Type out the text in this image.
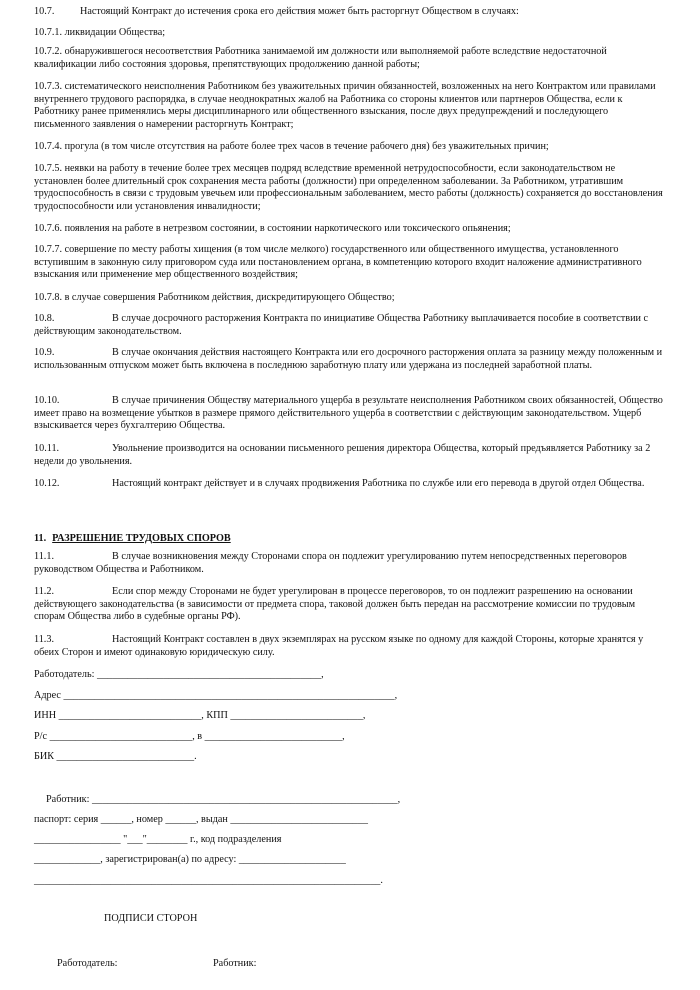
10.7.	Настоящий Контракт до истечения срока его действия может быть расторгнут Обществом в случаях:

10.7.1. ликвидации Общества;

10.7.2. обнаружившегося несоответствия Работника занимаемой им должности или выполняемой работе вследствие недостаточной квалификации либо состояния здоровья, препятствующих продолжению данной работы;

10.7.3. систематического неисполнения Работником без уважительных причин обязанностей, возложенных на него Контрактом или правилами внутреннего трудового распорядка, в случае неоднократных жалоб на Работника со стороны клиентов или партнеров Общества, если к Работнику ранее применялись меры дисциплинарного или общественного взыскания, после двух предупреждений и последующего письменного заявления о намерении расторгнуть Контракт;

10.7.4. прогула (в том числе отсутствия на работе более трех часов в течение рабочего дня) без уважительных причин;

10.7.5. неявки на работу в течение более трех месяцев подряд вследствие временной нетрудоспособности, если законодательством не установлен более длительный срок сохранения места работы (должности) при определенном заболевании. За Работником, утратившим трудоспособность в связи с трудовым увечьем или профессиональным заболеванием, место работы (должность) сохраняется до восстановления трудоспособности или установления инвалидности;

10.7.6. появления на работе в нетрезвом состоянии, в состоянии наркотического или токсического опьянения;

10.7.7. совершение по месту работы хищения (в том числе мелкого) государственного или общественного имущества, установленного вступившим в законную силу приговором суда или постановлением органа, в компетенцию которого входит наложение административного взыскания или применение мер общественного воздействия;

10.7.8. в случае совершения Работником действия, дискредитирующего Общество;

10.8.	В случае досрочного расторжения Контракта по инициативе Общества Работнику выплачивается пособие в соответствии с действующим законодательством.

10.9.	В случае окончания действия настоящего Контракта или его досрочного расторжения оплата за разницу между положенным и использованным отпуском может быть включена в последнюю заработную плату или удержана из последней заработной платы.

10.10.	В случае причинения Обществу материального ущерба в результате неисполнения Работником своих обязанностей, Общество имеет право на возмещение убытков в размере прямого действительного ущерба в соответствии с действующим законодательством. Ущерб взыскивается через бухгалтерию Общества.

10.11.	Увольнение производится на основании письменного решения директора Общества, который предъявляется Работнику за 2 недели до увольнения.

10.12.	Настоящий контракт действует и в случаях продвижения Работника по службе или его перевода в другой отдел Общества.

11. РАЗРЕШЕНИЕ ТРУДОВЫХ СПОРОВ

11.1.	В случае возникновения между Сторонами спора он подлежит урегулированию путем непосредственных переговоров руководством Общества и Работником.

11.2.	Если спор между Сторонами не будет урегулирован в процессе переговоров, то он подлежит разрешению на основании действующего законодательства (в зависимости от предмета спора, таковой должен быть передан на рассмотрение комиссии по трудовым спорам Общества либо в судебные органы РФ).

11.3.	Настоящий Контракт составлен в двух экземплярах на русском языке по одному для каждой Стороны, которые хранятся у обеих Сторон и имеют одинаковую юридическую силу.

Работодатель: ____________________________________________,
Адрес _________________________________________________________________,
ИНН ____________________________, КПП __________________________,
Р/с ____________________________, в ___________________________,
БИК ___________________________.
Работник: ____________________________________________________________,
паспорт: серия ______, номер ______, выдан ___________________________
_________________ "___"________ г., код подразделения
_____________, зарегистрирован(а) по адресу: _____________________
____________________________________________________________________.
ПОДПИСИ СТОРОН
Работодатель:	Работник:
